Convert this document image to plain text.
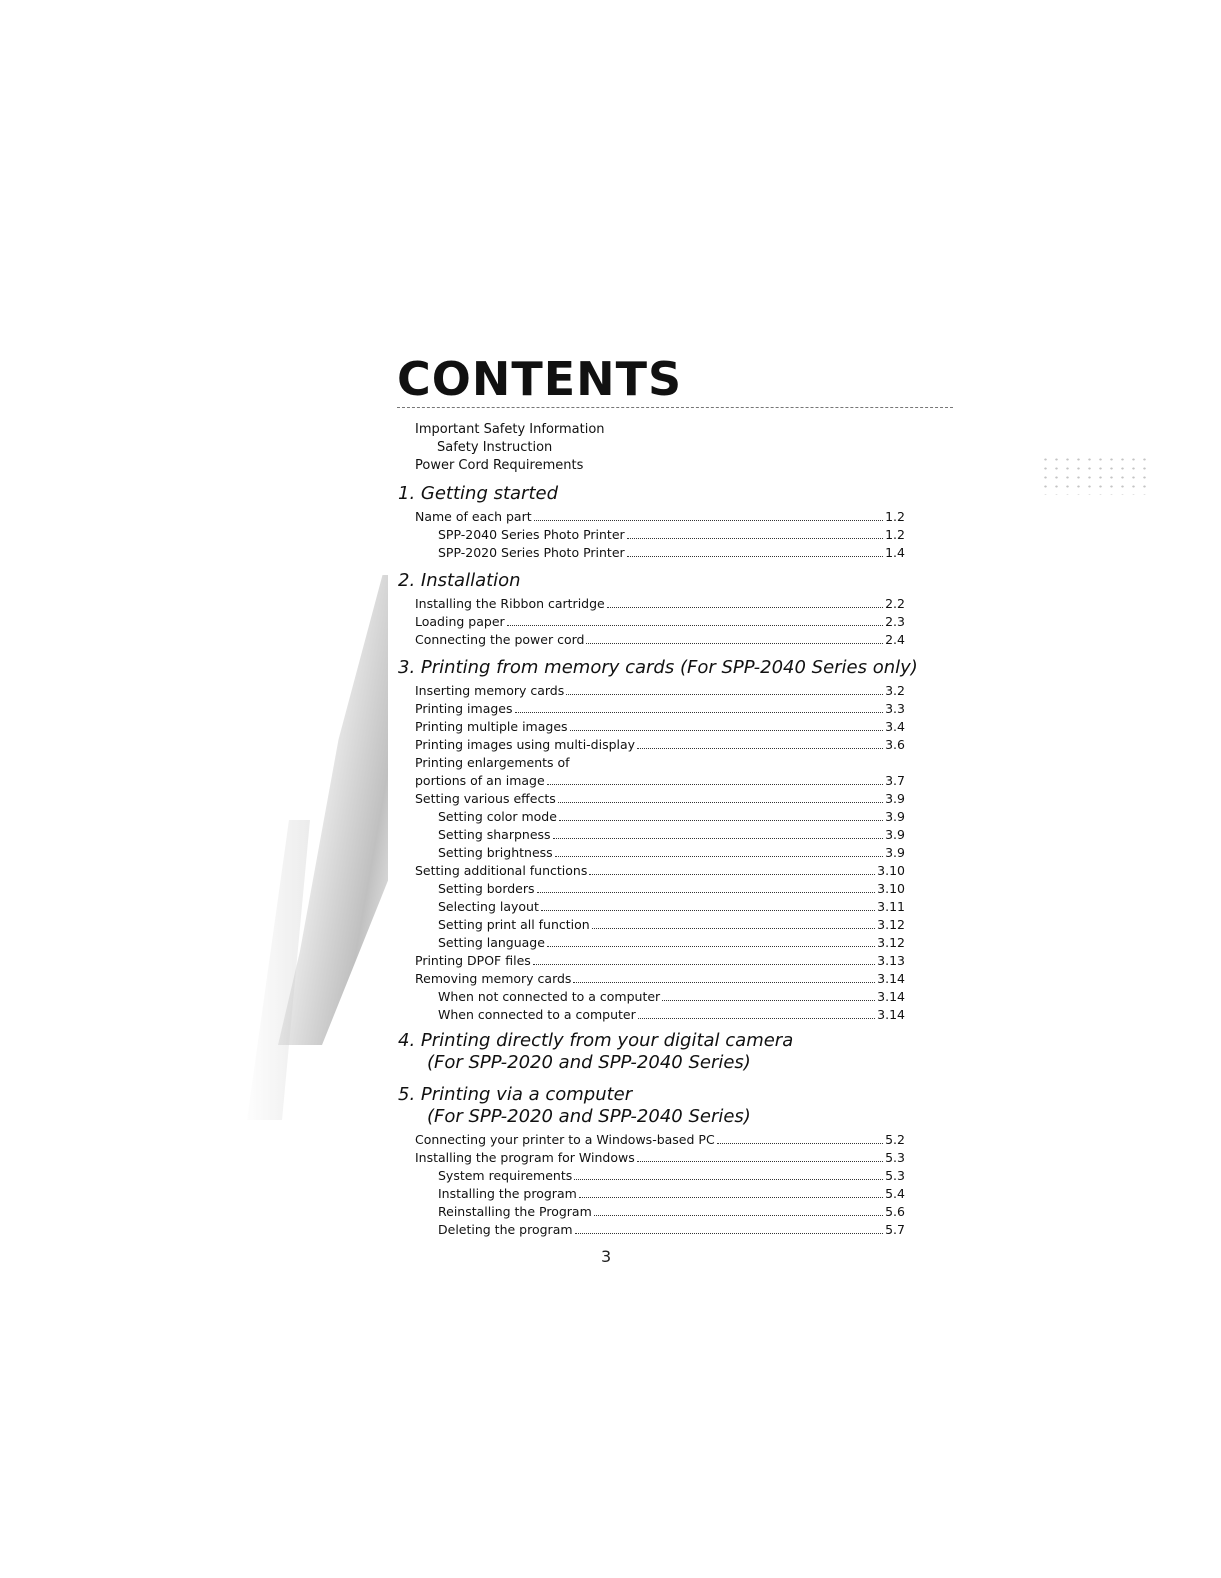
CONTENTS
Important Safety Information
Safety Instruction
Power Cord Requirements
1. Getting started
Name of each part	1.2
SPP-2040 Series Photo Printer	1.2
SPP-2020 Series Photo Printer	1.4
2. Installation
Installing the Ribbon cartridge	2.2
Loading paper	2.3
Connecting the power cord	2.4
3. Printing from memory cards (For SPP-2040 Series only)
Inserting memory cards	3.2
Printing images	3.3
Printing multiple images	3.4
Printing images using multi-display	3.6
Printing enlargements of
portions of an image	3.7
Setting various effects	3.9
Setting color mode	3.9
Setting sharpness	3.9
Setting brightness	3.9
Setting additional functions	3.10
Setting borders	3.10
Selecting layout	3.11
Setting print all function	3.12
Setting language	3.12
Printing DPOF files	3.13
Removing memory cards	3.14
When not connected to a computer	3.14
When connected to a computer	3.14
4. Printing directly from your digital camera
(For SPP-2020 and SPP-2040 Series)
5. Printing via a computer
(For SPP-2020 and SPP-2040 Series)
Connecting your printer to a Windows-based PC	5.2
Installing the program for Windows	5.3
System requirements	5.3
Installing the program	5.4
Reinstalling the Program	5.6
Deleting the program	5.7
3
